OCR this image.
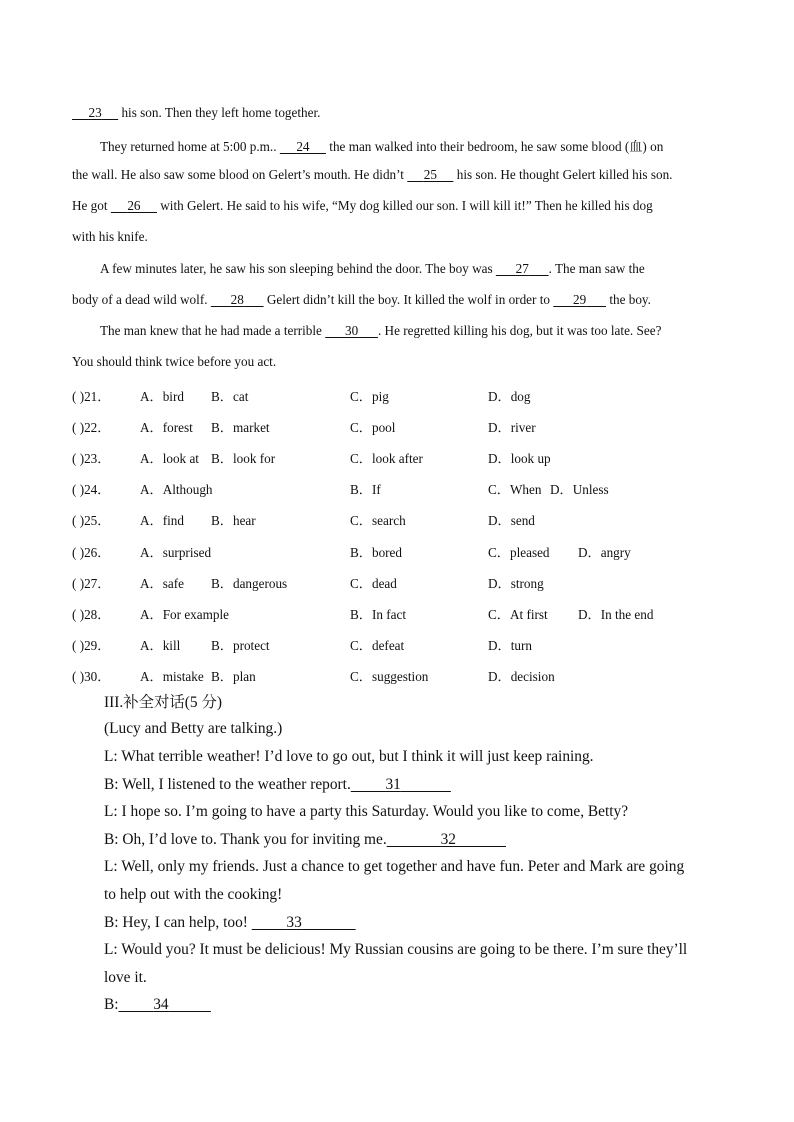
23      his son. Then they left home together.
They returned home at 5:00 p.m..      24      the man walked into their bedroom, he saw some blood (血) on
the wall. He also saw some blood on Gelert’s mouth. He didn’t      25      his son. He thought Gelert killed his son.
He got      26      with Gelert. He said to his wife, “My dog killed our son. I will kill it!” Then he killed his dog
with his knife.
A few minutes later, he saw his son sleeping behind the door. The boy was       27 . The man saw the
body of a dead wild wolf.       28       Gelert didn’t kill the boy. It killed the wolf in order to       29       the boy.
The man knew that he had made a terrible       30 . He regretted killing his dog, but it was too late. See?
You should think twice before you act.
( )21． A．bird B．cat	C．pig	D．dog
( )22． A．forest B．market	C．pool	D．river
( )23． A．look at B．look for	C．look after	D．look up
( )24． A．Although	B．If	C．When D．Unless
( )25． A．find B．hear	C．search	D．send
( )26． A．surprised	B．bored	C．pleased D．angry
( )27． A．safe B．dangerous	C．dead	D．strong
( )28． A．For example	B．In fact	C．At first D．In the end
( )29． A．kill B．protect	C．defeat	D．turn
( )30． A．mistake B．plan	C．suggestion	D．decision
III.补全对话(5 分)
(Lucy and Betty are talking.)
L: What terrible weather! I’d love to go out, but I think it will just keep raining.
B: Well, I listened to the weather report. 31
L: I hope so. I’m going to have a party this Saturday. Would you like to come, Betty?
B: Oh, I’d love to. Thank you for inviting me.	32
L: Well, only my friends. Just a chance to get together and have fun. Peter and Mark are going
to help out with the cooking!
B: Hey, I can help, too!          33
L: Would you? It must be delicious! My Russian cousins are going to be there. I’m sure they’ll
love it.
B: 34
